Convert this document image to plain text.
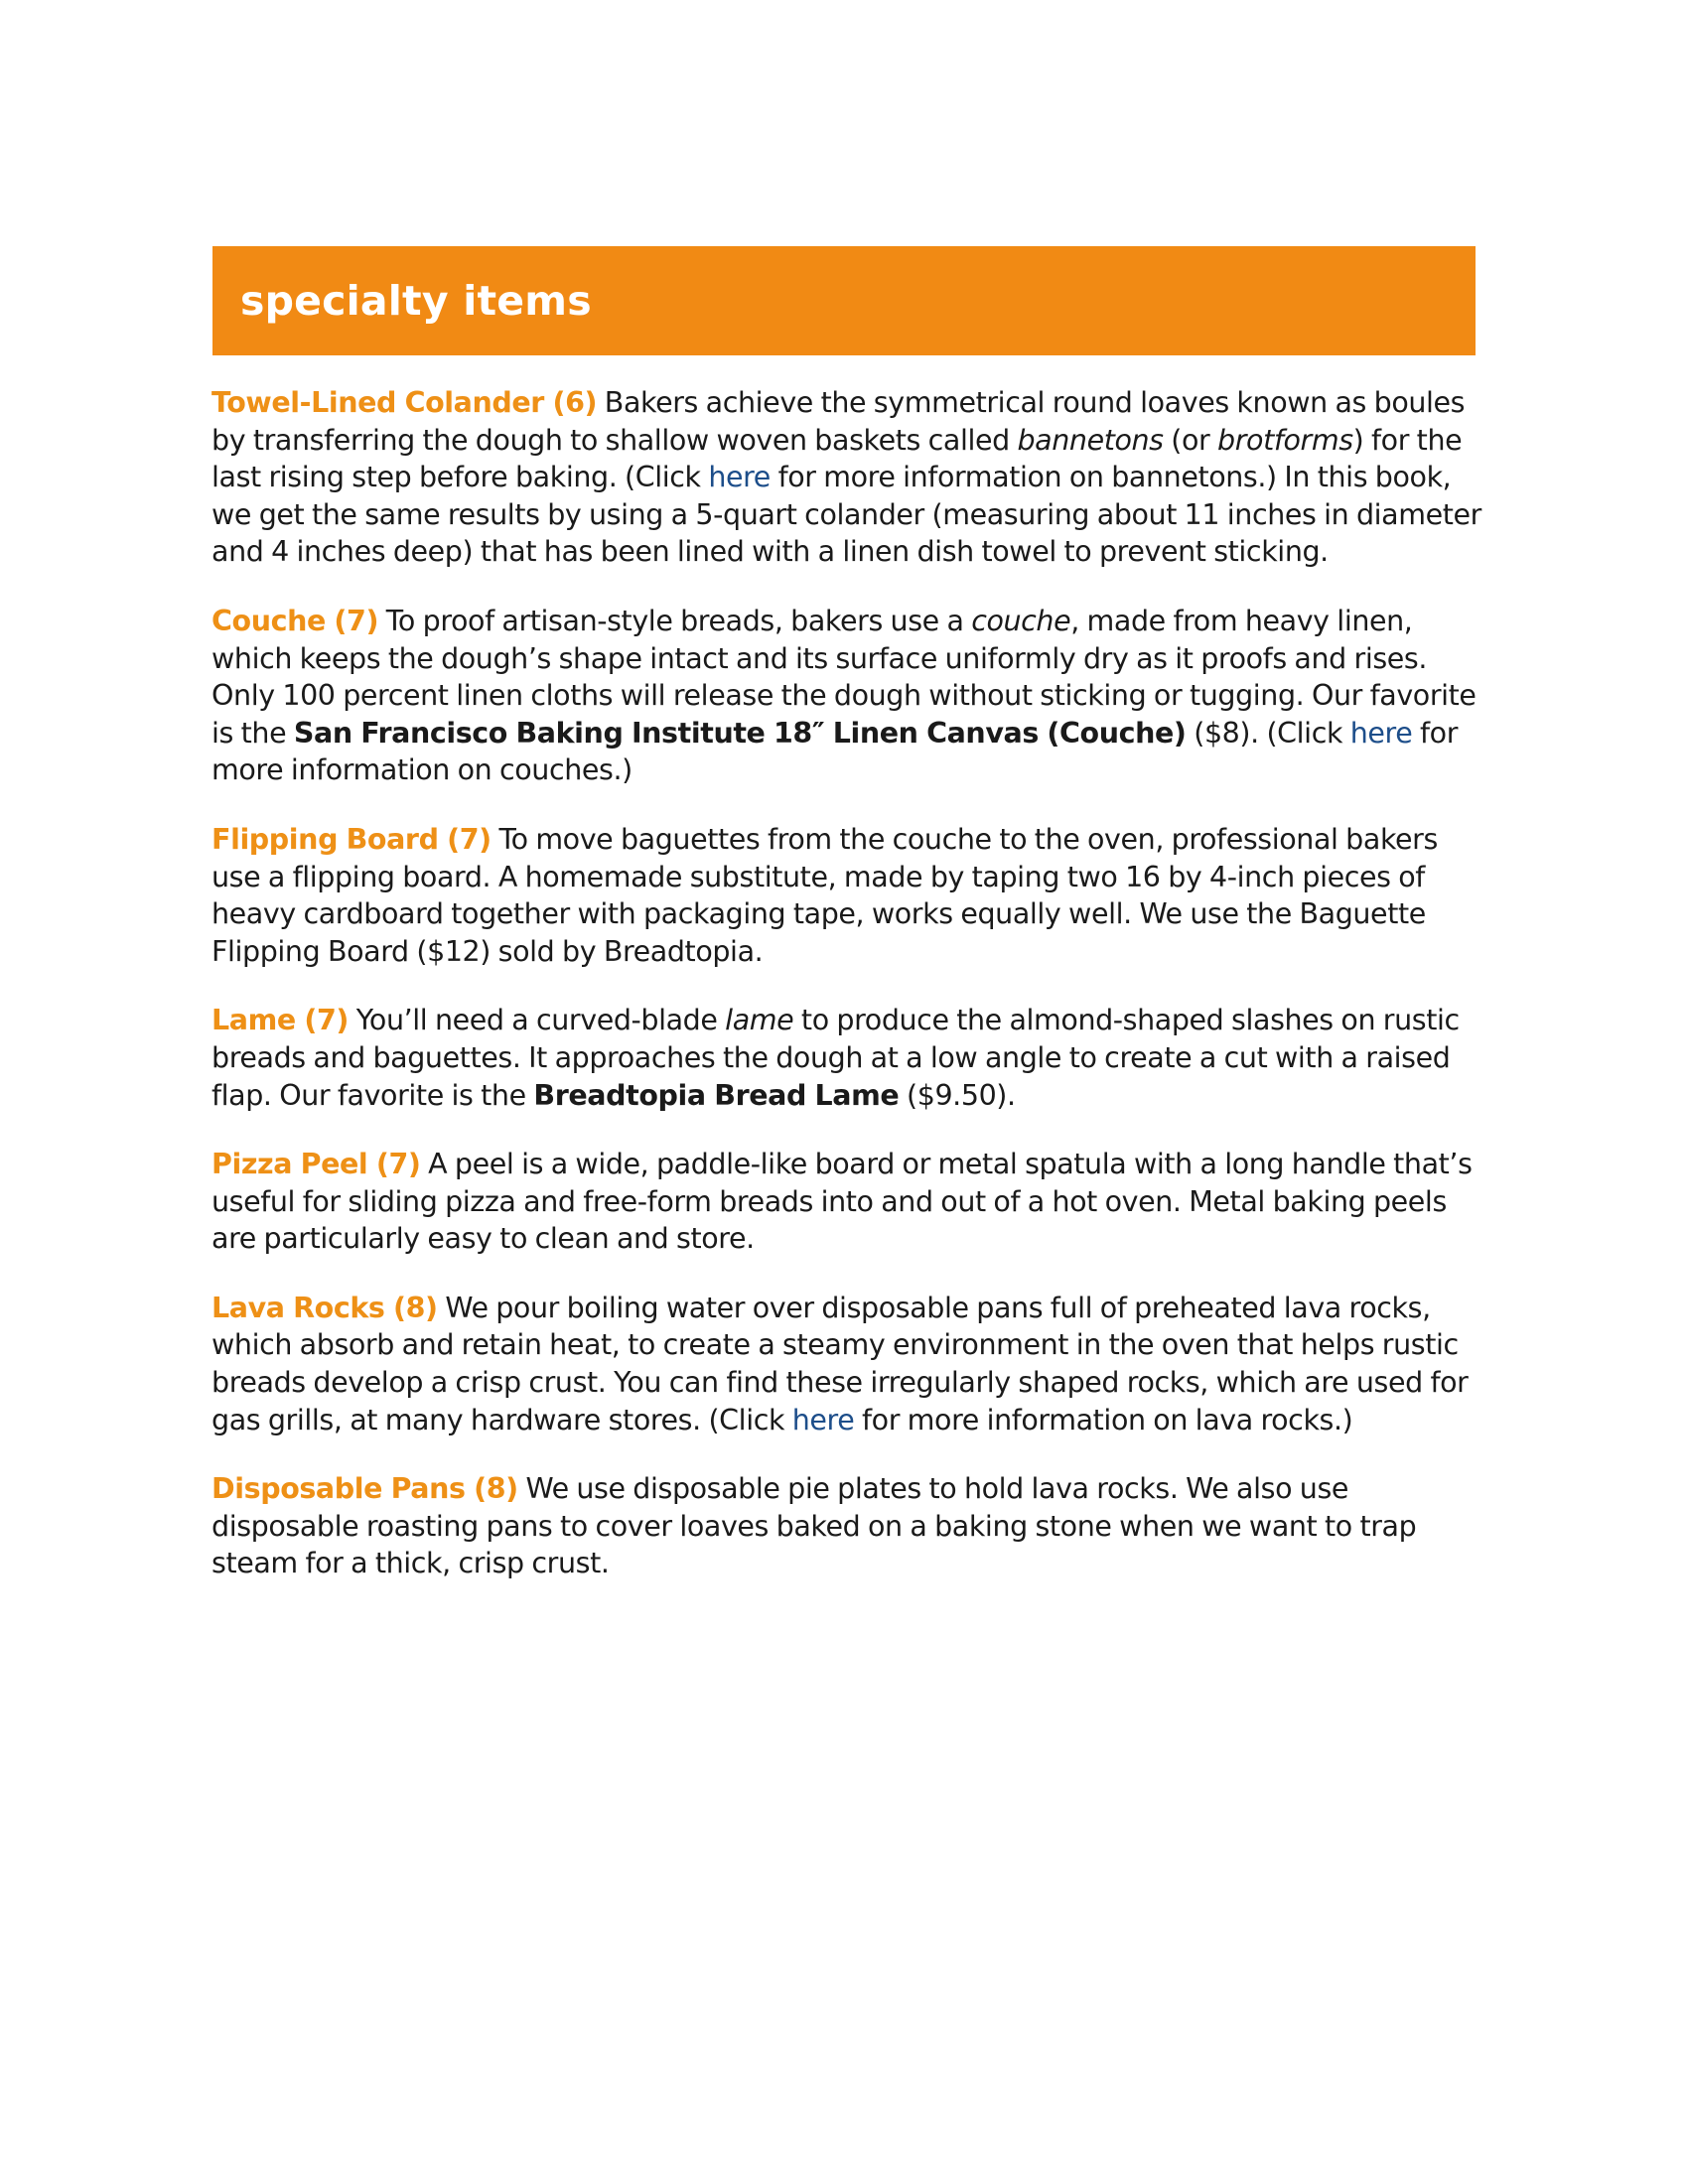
specialty items

Towel-Lined Colander (6) Bakers achieve the symmetrical round loaves known as boules by transferring the dough to shallow woven baskets called bannetons (or brotforms) for the last rising step before baking. (Click here for more information on bannetons.) In this book, we get the same results by using a 5-quart colander (measuring about 11 inches in diameter and 4 inches deep) that has been lined with a linen dish towel to prevent sticking.

Couche (7) To proof artisan-style breads, bakers use a couche, made from heavy linen, which keeps the dough’s shape intact and its surface uniformly dry as it proofs and rises. Only 100 percent linen cloths will release the dough without sticking or tugging. Our favorite is the San Francisco Baking Institute 18″ Linen Canvas (Couche) ($8). (Click here for more information on couches.)

Flipping Board (7) To move baguettes from the couche to the oven, professional bakers use a flipping board. A homemade substitute, made by taping two 16 by 4-inch pieces of heavy cardboard together with packaging tape, works equally well. We use the Baguette Flipping Board ($12) sold by Breadtopia.

Lame (7) You’ll need a curved-blade lame to produce the almond-shaped slashes on rustic breads and baguettes. It approaches the dough at a low angle to create a cut with a raised flap. Our favorite is the Breadtopia Bread Lame ($9.50).

Pizza Peel (7) A peel is a wide, paddle-like board or metal spatula with a long handle that’s useful for sliding pizza and free-form breads into and out of a hot oven. Metal baking peels are particularly easy to clean and store.

Lava Rocks (8) We pour boiling water over disposable pans full of preheated lava rocks, which absorb and retain heat, to create a steamy environment in the oven that helps rustic breads develop a crisp crust. You can find these irregularly shaped rocks, which are used for gas grills, at many hardware stores. (Click here for more information on lava rocks.)

Disposable Pans (8) We use disposable pie plates to hold lava rocks. We also use disposable roasting pans to cover loaves baked on a baking stone when we want to trap steam for a thick, crisp crust.
